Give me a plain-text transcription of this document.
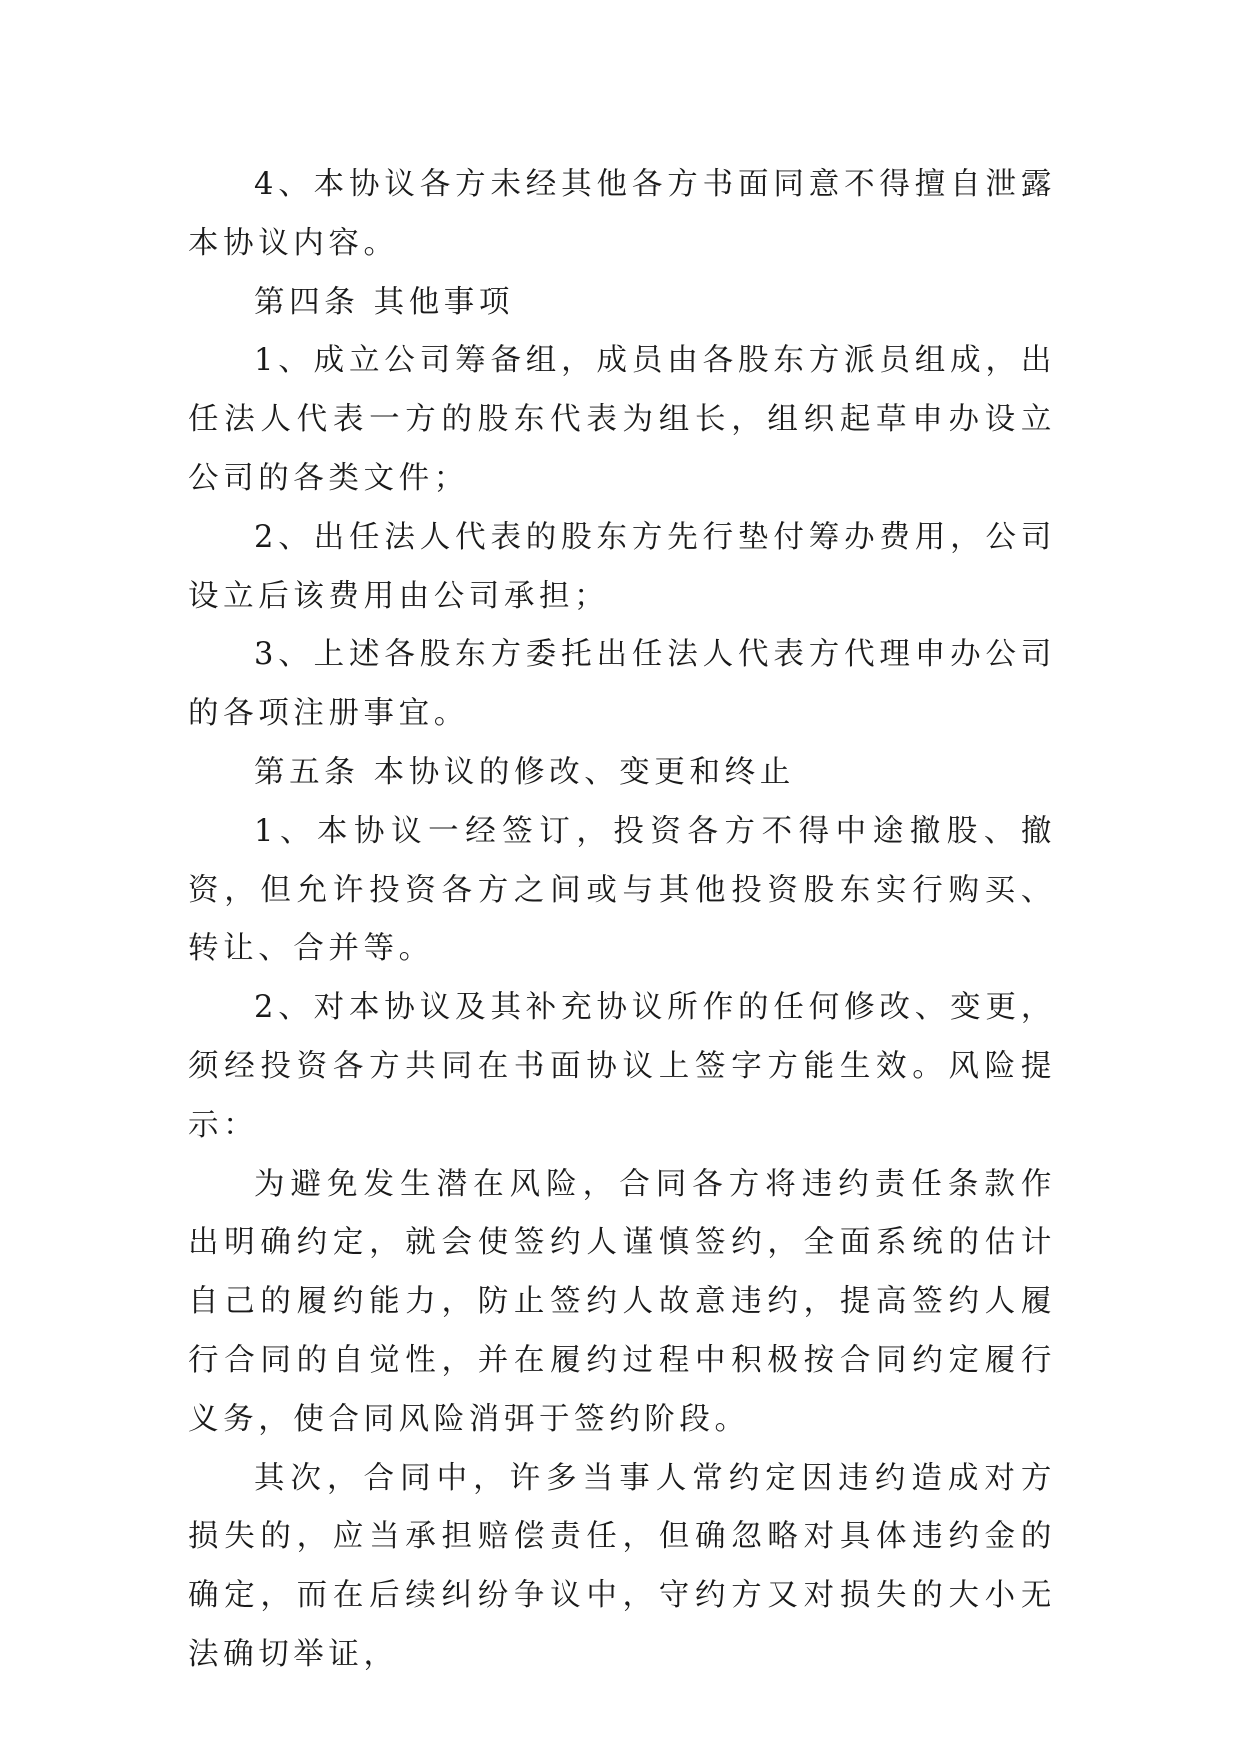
4、本协议各方未经其他各方书面同意不得擅自泄露本协议内容。

第四条 其他事项

1、成立公司筹备组，成员由各股东方派员组成，出任法人代表一方的股东代表为组长，组织起草申办设立公司的各类文件；

2、出任法人代表的股东方先行垫付筹办费用，公司设立后该费用由公司承担；

3、上述各股东方委托出任法人代表方代理申办公司的各项注册事宜。

第五条 本协议的修改、变更和终止

1、本协议一经签订，投资各方不得中途撤股、撤资，但允许投资各方之间或与其他投资股东实行购买、转让、合并等。

2、对本协议及其补充协议所作的任何修改、变更，须经投资各方共同在书面协议上签字方能生效。风险提示：

为避免发生潜在风险，合同各方将违约责任条款作出明确约定，就会使签约人谨慎签约，全面系统的估计自己的履约能力，防止签约人故意违约，提高签约人履行合同的自觉性，并在履约过程中积极按合同约定履行义务，使合同风险消弭于签约阶段。

其次，合同中，许多当事人常约定因违约造成对方损失的，应当承担赔偿责任，但确忽略对具体违约金的确定，而在后续纠纷争议中，守约方又对损失的大小无法确切举证，
